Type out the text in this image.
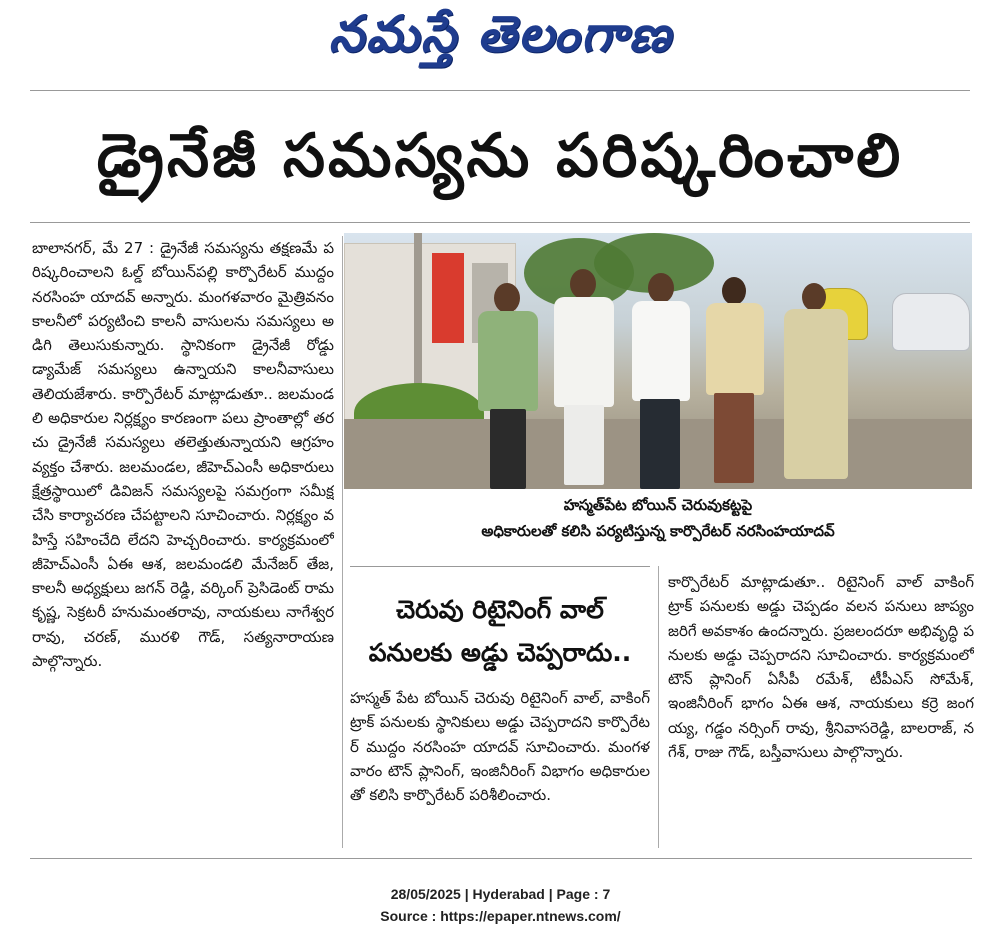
నమస్తే తెలంగాణ
డ్రైనేజీ సమస్యను పరిష్కరించాలి
బాలానగర్, మే 27 : డ్రైనేజీ సమస్యను తక్షణమే పరిష్కరించాలని ఓల్డ్ బోయిన్‌పల్లి కార్పొరేటర్ ముద్దం నరసింహ యాదవ్ అన్నారు. మంగళవారం మైత్రివనం కాలనీలో పర్యటించి కాలనీ వాసులను సమస్యలు అడిగి తెలుసుకున్నారు. స్థానికంగా డ్రైనేజీ రోడ్డు డ్యామేజ్ సమస్యలు ఉన్నాయని కాలనీవాసులు తెలియజేశారు. కార్పొరేటర్ మాట్లాడుతూ.. జలమండలి అధికారుల నిర్లక్ష్యం కారణంగా పలు ప్రాంతాల్లో తరచు డ్రైనేజీ సమస్యలు తలెత్తుతున్నాయని ఆగ్రహం వ్యక్తం చేశారు. జలమండల, జీహెచ్ఎంసీ అధికారులు క్షేత్రస్థాయిలో డివిజన్ సమస్యలపై సమగ్రంగా సమీక్ష చేసి కార్యాచరణ చేపట్టాలని సూచించారు. నిర్లక్ష్యం వహిస్తే సహించేది లేదని హెచ్చరించారు. కార్యక్రమంలో జీహెచ్ఎంసీ ఏఈ ఆశ, జలమండలి మేనేజర్ తేజ, కాలనీ అధ్యక్షులు జగన్ రెడ్డి, వర్కింగ్ ప్రెసిడెంట్ రామకృష్ణ, సెక్రటరీ హనుమంతరావు, నాయకులు నాగేశ్వరరావు, చరణ్, మురళి గౌడ్, సత్యనారాయణ పాల్గొన్నారు.
హస్మత్‌పేట బోయిన్ చెరువుకట్టపై
అధికారులతో కలిసి పర్యటిస్తున్న కార్పొరేటర్ నరసింహయాదవ్
చెరువు రిటైనింగ్ వాల్
పనులకు అడ్డు చెప్పరాదు..
హస్మత్ పేట బోయిన్ చెరువు రిటైనింగ్ వాల్, వాకింగ్ ట్రాక్ పనులకు స్థానికులు అడ్డు చెప్పరాదని కార్పొరేటర్ ముద్దం నరసింహ యాదవ్ సూచించారు. మంగళవారం టౌన్ ప్లానింగ్, ఇంజినీరింగ్ విభాగం అధికారులతో కలిసి కార్పొరేటర్ పరిశీలించారు.
కార్పొరేటర్ మాట్లాడుతూ.. రిటైనింగ్ వాల్ వాకింగ్ ట్రాక్ పనులకు అడ్డు చెప్పడం వలన పనులు జాప్యం జరిగే అవకాశం ఉందన్నారు. ప్రజలందరూ అభివృద్ధి పనులకు అడ్డు చెప్పరాదని సూచించారు. కార్యక్రమంలో టౌన్ ప్లానింగ్ ఏసీపీ రమేశ్, టీపీఎస్ సోమేశ్, ఇంజినీరింగ్ భాగం ఏఈ ఆశ, నాయకులు కర్రె జంగయ్య, గడ్డం నర్సింగ్ రావు, శ్రీనివాసరెడ్డి, బాలరాజ్, నగేశ్, రాజు గౌడ్, బస్తీవాసులు పాల్గొన్నారు.
28/05/2025 | Hyderabad | Page : 7
Source : https://epaper.ntnews.com/
